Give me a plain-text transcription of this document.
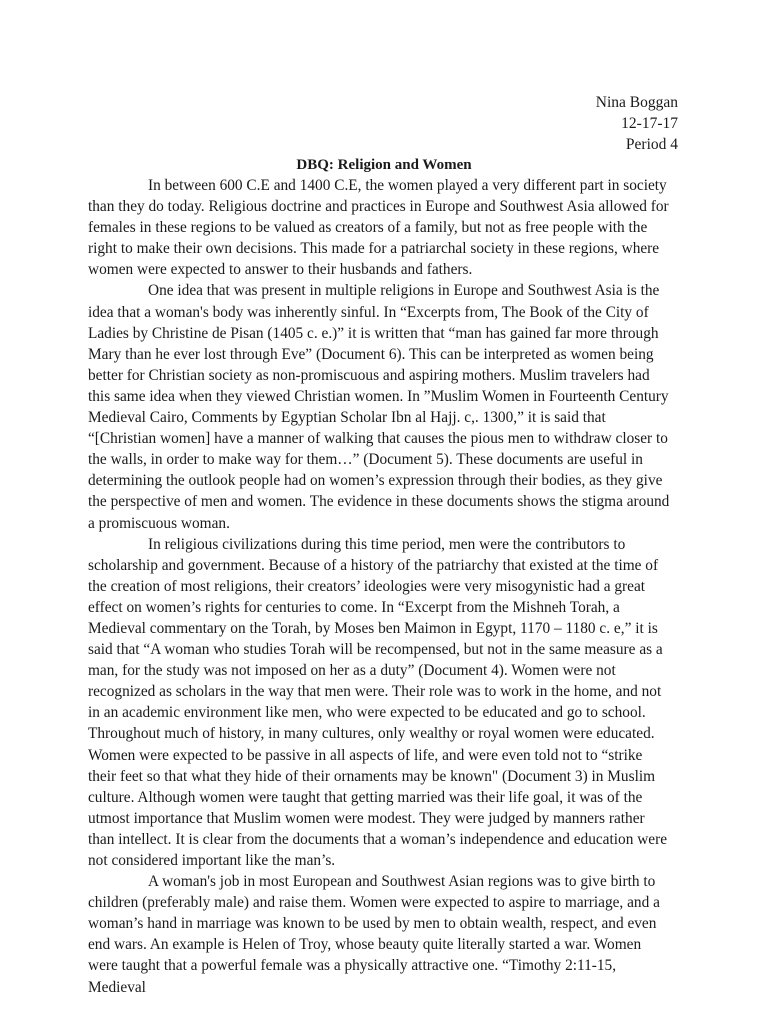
Nina Boggan
12-17-17
Period 4
DBQ: Religion and Women

In between 600 C.E and 1400 C.E, the women played a very different part in society than they do today. Religious doctrine and practices in Europe and Southwest Asia allowed for females in these regions to be valued as creators of a family, but not as free people with the right to make their own decisions. This made for a patriarchal society in these regions, where women were expected to answer to their husbands and fathers.

One idea that was present in multiple religions in Europe and Southwest Asia is the idea that a woman's body was inherently sinful. In “Excerpts from, The Book of the City of Ladies by Christine de Pisan (1405 c. e.)” it is written that “man has gained far more through Mary than he ever lost through Eve” (Document 6). This can be interpreted as women being better for Christian society as non-promiscuous and aspiring mothers. Muslim travelers had this same idea when they viewed Christian women. In ”Muslim Women in Fourteenth Century Medieval Cairo, Comments by Egyptian Scholar Ibn al Hajj. c,. 1300,” it is said that “[Christian women] have a manner of walking that causes the pious men to withdraw closer to the walls, in order to make way for them…” (Document 5). These documents are useful in determining the outlook people had on women’s expression through their bodies, as they give the perspective of men and women. The evidence in these documents shows the stigma around a promiscuous woman.

In religious civilizations during this time period, men were the contributors to scholarship and government. Because of a history of the patriarchy that existed at the time of the creation of most religions, their creators’ ideologies were very misogynistic had a great effect on women’s rights for centuries to come. In “Excerpt from the Mishneh Torah, a Medieval commentary on the Torah, by Moses ben Maimon in Egypt, 1170 – 1180 c. e,” it is said that “A woman who studies Torah will be recompensed, but not in the same measure as a man, for the study was not imposed on her as a duty” (Document 4). Women were not recognized as scholars in the way that men were. Their role was to work in the home, and not in an academic environment like men, who were expected to be educated and go to school. Throughout much of history, in many cultures, only wealthy or royal women were educated. Women were expected to be passive in all aspects of life, and were even told not to “strike their feet so that what they hide of their ornaments may be known" (Document 3) in Muslim culture. Although women were taught that getting married was their life goal, it was of the utmost importance that Muslim women were modest. They were judged by manners rather than intellect. It is clear from the documents that a woman’s independence and education were not considered important like the man’s.

A woman's job in most European and Southwest Asian regions was to give birth to children (preferably male) and raise them. Women were expected to aspire to marriage, and a woman’s hand in marriage was known to be used by men to obtain wealth, respect, and even end wars. An example is Helen of Troy, whose beauty quite literally started a war. Women were taught that a powerful female was a physically attractive one. “Timothy 2:11-15, Medieval
